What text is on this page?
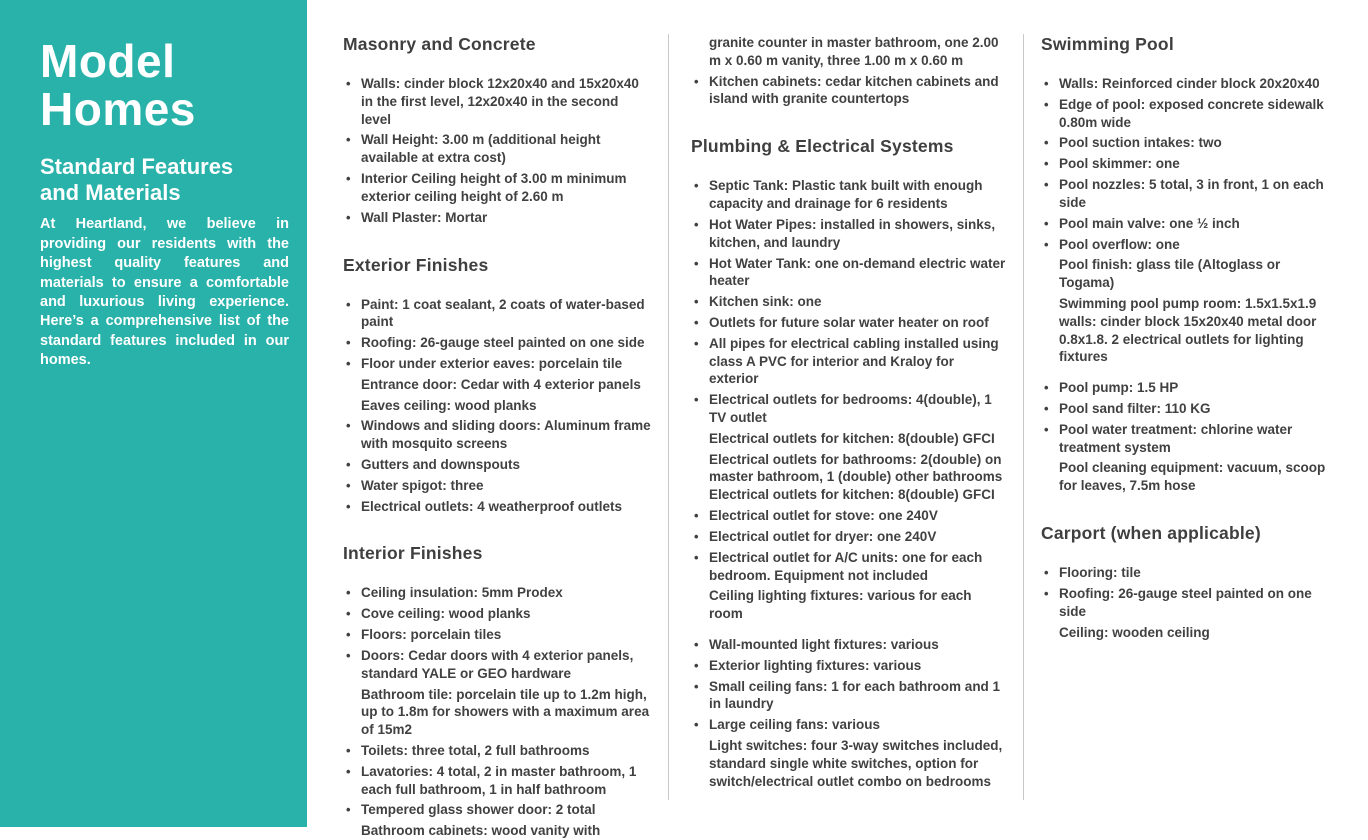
Model
Homes

Standard Features and Materials

At Heartland, we believe in providing our residents with the highest quality features and materials to ensure a comfortable and luxurious living experience. Here’s a comprehensive list of the standard features included in our homes.

Masonry and Concrete
• Walls: cinder block 12x20x40 and 15x20x40 in the first level, 12x20x40 in the second level
• Wall Height: 3.00 m (additional height available at extra cost)
• Interior Ceiling height of 3.00 m minimum exterior ceiling height of 2.60 m
• Wall Plaster: Mortar
Exterior Finishes
• Paint: 1 coat sealant, 2 coats of water-based paint
• Roofing: 26-gauge steel painted on one side
• Floor under exterior eaves: porcelain tile
Entrance door: Cedar with 4 exterior panels
Eaves ceiling: wood planks
• Windows and sliding doors: Aluminum frame with mosquito screens
• Gutters and downspouts
• Water spigot: three
• Electrical outlets: 4 weatherproof outlets
Interior Finishes
• Ceiling insulation: 5mm Prodex
• Cove ceiling: wood planks
• Floors: porcelain tiles
• Doors: Cedar doors with 4 exterior panels, standard YALE or GEO hardware
Bathroom tile: porcelain tile up to 1.2m high, up to 1.8m for showers with a maximum area of 15m2
• Toilets: three total, 2 full bathrooms
• Lavatories: 4 total, 2 in master bathroom, 1 each full bathroom, 1 in half bathroom
• Tempered glass shower door: 2 total
Bathroom cabinets: wood vanity with
granite counter in master bathroom, one 2.00 m x 0.60 m vanity, three 1.00 m x 0.60 m
• Kitchen cabinets: cedar kitchen cabinets and island with granite countertops
Plumbing & Electrical Systems
• Septic Tank: Plastic tank built with enough capacity and drainage for 6 residents
• Hot Water Pipes: installed in showers, sinks, kitchen, and laundry
• Hot Water Tank: one on-demand electric water heater
• Kitchen sink: one
• Outlets for future solar water heater on roof
• All pipes for electrical cabling installed using class A PVC for interior and Kraloy for exterior
• Electrical outlets for bedrooms: 4(double), 1 TV outlet
Electrical outlets for kitchen: 8(double) GFCI
Electrical outlets for bathrooms: 2(double) on master bathroom, 1 (double) other bathrooms Electrical outlets for kitchen: 8(double) GFCI
• Electrical outlet for stove: one 240V
• Electrical outlet for dryer: one 240V
• Electrical outlet for A/C units: one for each bedroom. Equipment not included
Ceiling lighting fixtures: various for each room
• Wall-mounted light fixtures: various
• Exterior lighting fixtures: various
• Small ceiling fans: 1 for each bathroom and 1 in laundry
• Large ceiling fans: various
Light switches: four 3-way switches included, standard single white switches, option for switch/electrical outlet combo on bedrooms
Swimming Pool
• Walls: Reinforced cinder block 20x20x40
• Edge of pool: exposed concrete sidewalk 0.80m wide
• Pool suction intakes: two
• Pool skimmer: one
• Pool nozzles: 5 total, 3 in front, 1 on each side
• Pool main valve: one ½ inch
• Pool overflow: one
Pool finish: glass tile (Altoglass or Togama)
Swimming pool pump room: 1.5x1.5x1.9 walls: cinder block 15x20x40 metal door 0.8x1.8. 2 electrical outlets for lighting fixtures
• Pool pump: 1.5 HP
• Pool sand filter: 110 KG
• Pool water treatment: chlorine water treatment system
Pool cleaning equipment: vacuum, scoop for leaves, 7.5m hose
Carport (when applicable)
• Flooring: tile
• Roofing: 26-gauge steel painted on one side
Ceiling: wooden ceiling
